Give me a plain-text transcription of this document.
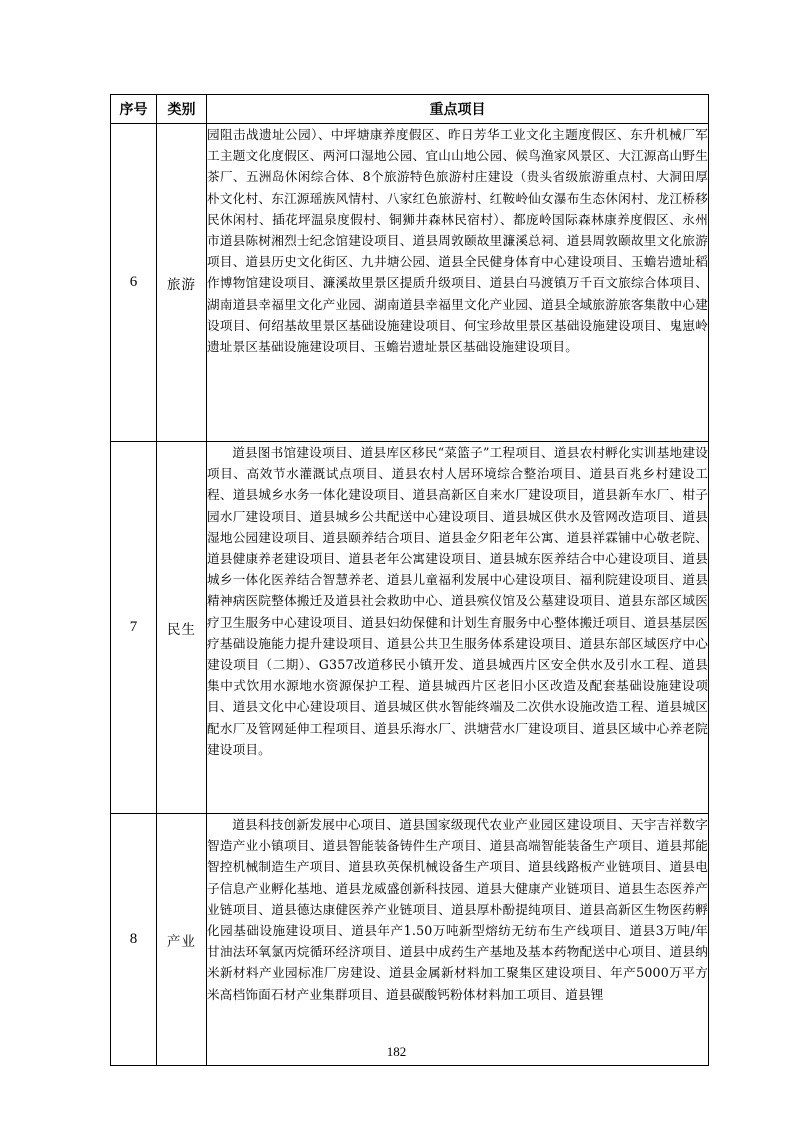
序号	类别	重点项目
6	旅游	园阻击战遗址公园）、中坪塘康养度假区、昨日芳华工业文化主题度假区、东升机械厂军工主题文化度假区、两河口湿地公园、宜山山地公园、候鸟渔家风景区、大江源高山野生茶厂、五洲岛休闲综合体、8个旅游特色旅游村庄建设（贵头省级旅游重点村、大洞田厚朴文化村、东江源瑶族风情村、八家红色旅游村、红鞍岭仙女瀑布生态休闲村、龙江桥移民休闲村、插花坪温泉度假村、铜狮井森林民宿村）、都庞岭国际森林康养度假区、永州市道县陈树湘烈士纪念馆建设项目、道县周敦颐故里濂溪总祠、道县周敦颐故里文化旅游项目、道县历史文化街区、九井塘公园、道县全民健身体育中心建设项目、玉蟾岩遗址稻作博物馆建设项目、濂溪故里景区提质升级项目、道县白马渡镇万千百文旅综合体项目、湖南道县幸福里文化产业园、湖南道县幸福里文化产业园、道县全域旅游旅客集散中心建设项目、何绍基故里景区基础设施建设项目、何宝珍故里景区基础设施建设项目、鬼崽岭遗址景区基础设施建设项目、玉蟾岩遗址景区基础设施建设项目。

7	民生	道县图书馆建设项目、道县库区移民“菜篮子”工程项目、道县农村孵化实训基地建设项目、高效节水灌溉试点项目、道县农村人居环境综合整治项目、道县百兆乡村建设工程、道县城乡水务一体化建设项目、道县高新区自来水厂建设项目，道县新车水厂、柑子园水厂建设项目、道县城乡公共配送中心建设项目、道县城区供水及管网改造项目、道县湿地公园建设项目、道县颐养结合项目、道县金夕阳老年公寓、道县祥霖铺中心敬老院、道县健康养老建设项目、道县老年公寓建设项目、道县城东医养结合中心建设项目、道县城乡一体化医养结合智慧养老、道县儿童福利发展中心建设项目、福利院建设项目、道县精神病医院整体搬迁及道县社会救助中心、道县殡仪馆及公墓建设项目、道县东部区域医疗卫生服务中心建设项目、道县妇幼保健和计划生育服务中心整体搬迁项目、道县基层医疗基础设施能力提升建设项目、道县公共卫生服务体系建设项目、道县东部区域医疗中心建设项目（二期）、G357改道移民小镇开发、道县城西片区安全供水及引水工程、道县集中式饮用水源地水资源保护工程、道县城西片区老旧小区改造及配套基础设施建设项目、道县文化中心建设项目、道县城区供水智能终端及二次供水设施改造工程、道县城区配水厂及管网延伸工程项目、道县乐海水厂、洪塘营水厂建设项目、道县区域中心养老院建设项目。

8	产业	道县科技创新发展中心项目、道县国家级现代农业产业园区建设项目、天宇吉祥数字智造产业小镇项目、道县智能装备铸件生产项目、道县高端智能装备生产项目、道县邦能智控机械制造生产项目、道县玖英保机械设备生产项目、道县线路板产业链项目、道县电子信息产业孵化基地、道县龙威盛创新科技园、道县大健康产业链项目、道县生态医养产业链项目、道县德达康健医养产业链项目、道县厚朴酚提纯项目、道县高新区生物医药孵化园基础设施建设项目、道县年产1.50万吨新型熔纺无纺布生产线项目、道县3万吨/年甘油法环氧氯丙烷循环经济项目、道县中成药生产基地及基本药物配送中心项目、道县纳米新材料产业园标准厂房建设、道县金属新材料加工聚集区建设项目、年产5000万平方米高档饰面石材产业集群项目、道县碳酸钙粉体材料加工项目、道县锂

182
